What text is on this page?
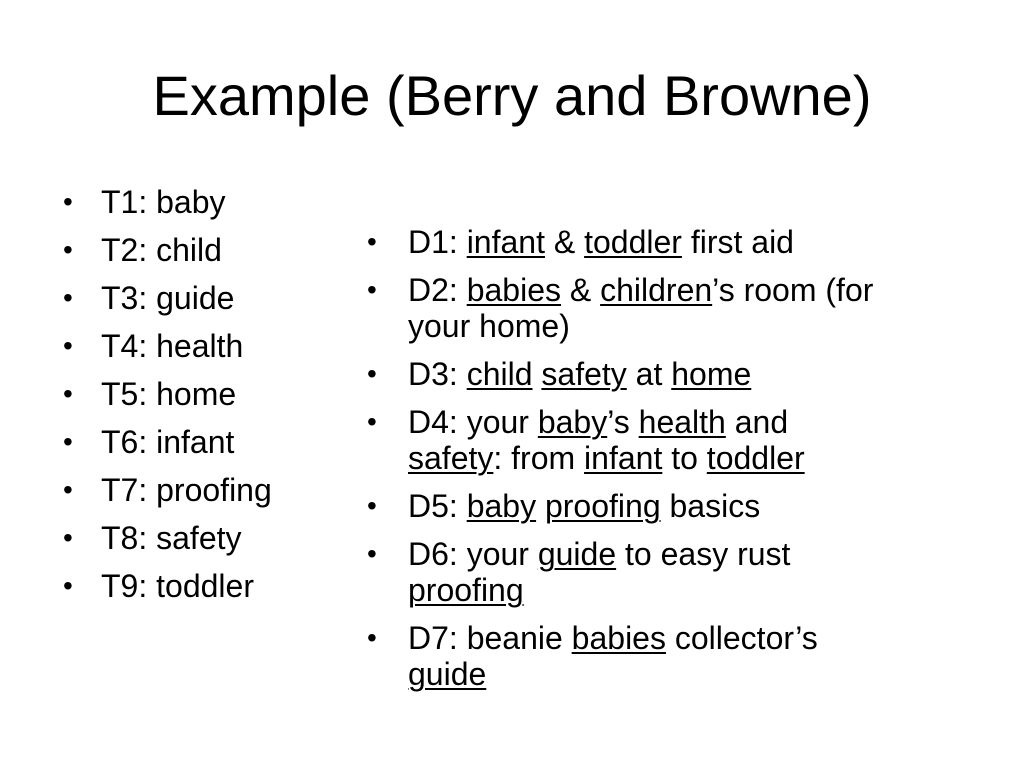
Example (Berry and Browne)
• T1: baby
• T2: child
• T3: guide
• T4: health
• T5: home
• T6: infant
• T7: proofing
• T8: safety
• T9: toddler
• D1: infant & toddler first aid
• D2: babies & children’s room (for
your home)
• D3: child safety at home
• D4: your baby’s health and
safety: from infant to toddler
• D5: baby proofing basics
• D6: your guide to easy rust
proofing
• D7: beanie babies collector’s
guide
